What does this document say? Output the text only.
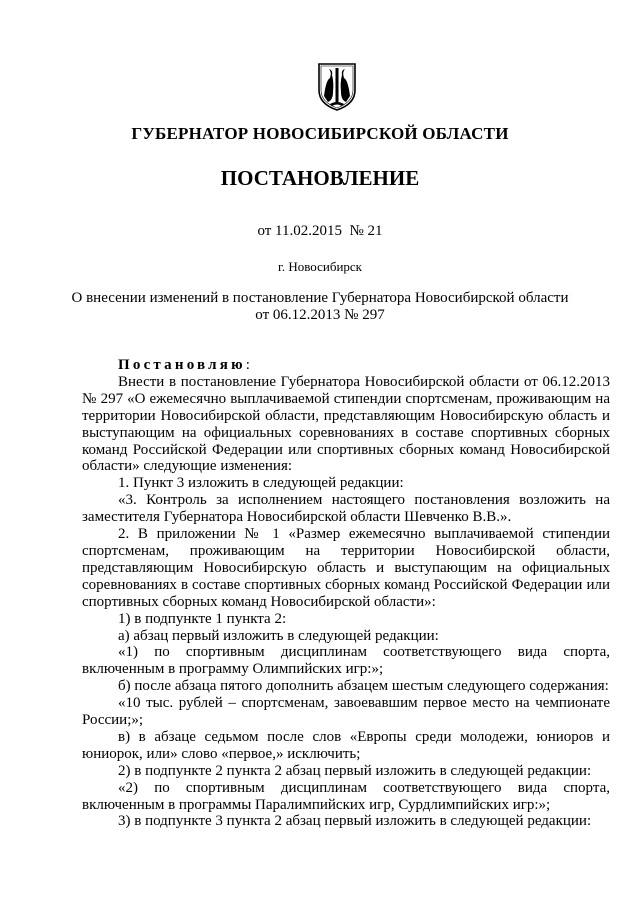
ГУБЕРНАТОР НОВОСИБИРСКОЙ ОБЛАСТИ
ПОСТАНОВЛЕНИЕ
от 11.02.2015  № 21
г. Новосибирск
О внесении изменений в постановление Губернатора Новосибирской области
от 06.12.2013 № 297

Постановляю:

Внести в постановление Губернатора Новосибирской области от 06.12.2013 № 297 «О ежемесячно выплачиваемой стипендии спортсменам, проживающим на территории Новосибирской области, представляющим Новосибирскую область и выступающим на официальных соревнованиях в составе спортивных сборных команд Российской Федерации или спортивных сборных команд Новосибирской области» следующие изменения:

1. Пункт 3 изложить в следующей редакции:

«3. Контроль за исполнением настоящего постановления возложить на заместителя Губернатора Новосибирской области Шевченко В.В.».

2. В приложении № 1 «Размер ежемесячно выплачиваемой стипендии спортсменам, проживающим на территории Новосибирской области, представляющим Новосибирскую область и выступающим на официальных соревнованиях в составе спортивных сборных команд Российской Федерации или спортивных сборных команд Новосибирской области»:

1) в подпункте 1 пункта 2:

а) абзац первый изложить в следующей редакции:

«1) по спортивным дисциплинам соответствующего вида спорта, включенным в программу Олимпийских игр:»;

б) после абзаца пятого дополнить абзацем шестым следующего содержания:

«10 тыс. рублей – спортсменам, завоевавшим первое место на чемпионате России;»;

в) в абзаце седьмом после слов «Европы среди молодежи, юниоров и юниорок, или» слово «первое,» исключить;

2) в подпункте 2 пункта 2 абзац первый изложить в следующей редакции:

«2) по спортивным дисциплинам соответствующего вида спорта, включенным в программы Паралимпийских игр, Сурдлимпийских игр:»;

3) в подпункте 3 пункта 2 абзац первый изложить в следующей редакции:
